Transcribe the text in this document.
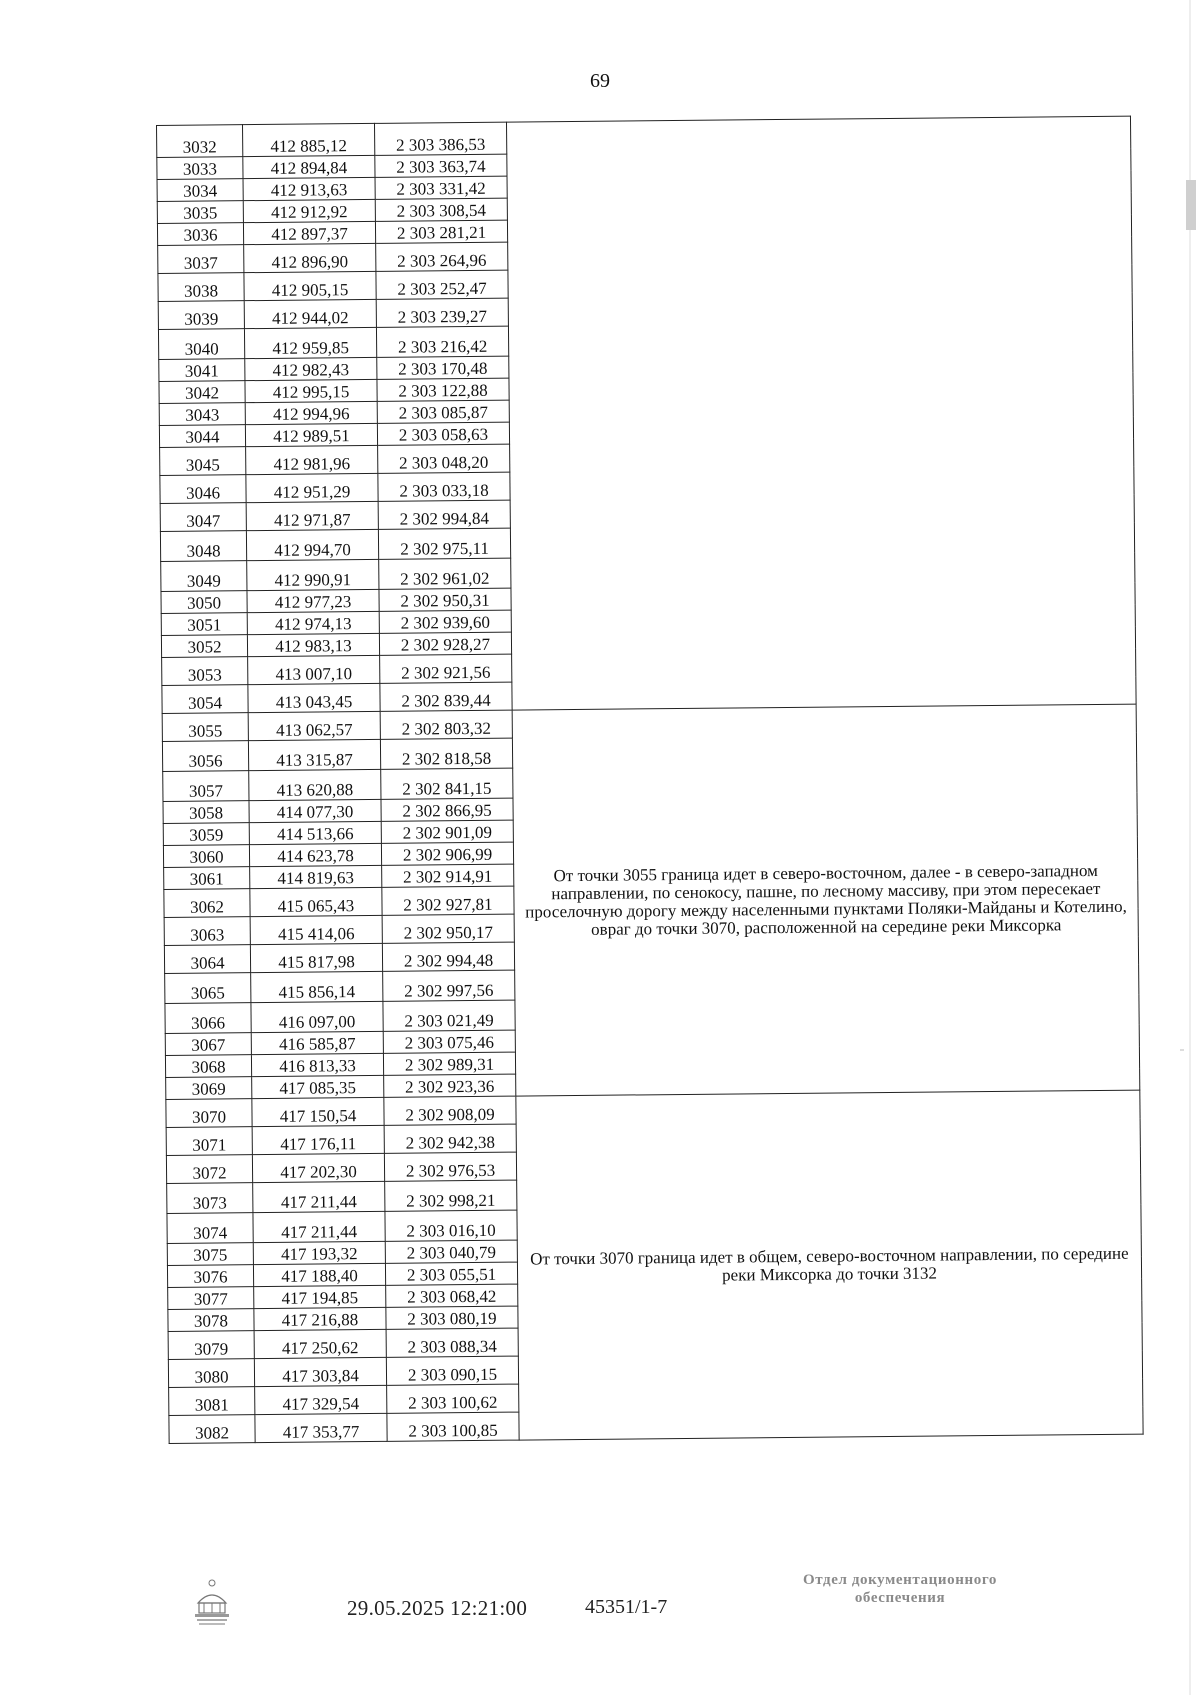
69
3032	412 885,12	2 303 386,53	
3033	412 894,84	2 303 363,74	
3034	412 913,63	2 303 331,42	
3035	412 912,92	2 303 308,54	
3036	412 897,37	2 303 281,21	
3037	412 896,90	2 303 264,96	
3038	412 905,15	2 303 252,47	
3039	412 944,02	2 303 239,27	
3040	412 959,85	2 303 216,42	
3041	412 982,43	2 303 170,48	
3042	412 995,15	2 303 122,88	
3043	412 994,96	2 303 085,87	
3044	412 989,51	2 303 058,63	
3045	412 981,96	2 303 048,20	
3046	412 951,29	2 303 033,18	
3047	412 971,87	2 302 994,84	
3048	412 994,70	2 302 975,11	
3049	412 990,91	2 302 961,02	
3050	412 977,23	2 302 950,31	
3051	412 974,13	2 302 939,60	
3052	412 983,13	2 302 928,27	
3053	413 007,10	2 302 921,56	
3054	413 043,45	2 302 839,44	
3055	413 062,57	2 302 803,32	От точки 3055 граница идет в северо-восточном, далее - в северо-западном направлении, по сенокосу, пашне, по лесному массиву, при этом пересекает проселочную дорогу между населенными пунктами Поляки-Майданы и Котелино, овраг до точки 3070, расположенной на середине реки Миксорка
3056	413 315,87	2 302 818,58	
3057	413 620,88	2 302 841,15	
3058	414 077,30	2 302 866,95	
3059	414 513,66	2 302 901,09	
3060	414 623,78	2 302 906,99	
3061	414 819,63	2 302 914,91	
3062	415 065,43	2 302 927,81	
3063	415 414,06	2 302 950,17	
3064	415 817,98	2 302 994,48	
3065	415 856,14	2 302 997,56	
3066	416 097,00	2 303 021,49	
3067	416 585,87	2 303 075,46	
3068	416 813,33	2 302 989,31	
3069	417 085,35	2 302 923,36	
3070	417 150,54	2 302 908,09	От точки 3070 граница идет в общем, северо-восточном направлении, по середине реки Миксорка до точки 3132
3071	417 176,11	2 302 942,38	
3072	417 202,30	2 302 976,53	
3073	417 211,44	2 302 998,21	
3074	417 211,44	2 303 016,10	
3075	417 193,32	2 303 040,79	
3076	417 188,40	2 303 055,51	
3077	417 194,85	2 303 068,42	
3078	417 216,88	2 303 080,19	
3079	417 250,62	2 303 088,34	
3080	417 303,84	2 303 090,15	
3081	417 329,54	2 303 100,62	
3082	417 353,77	2 303 100,85	
29.05.2025 12:21:00	45351/1-7
Отдел документационного
обеспечения
